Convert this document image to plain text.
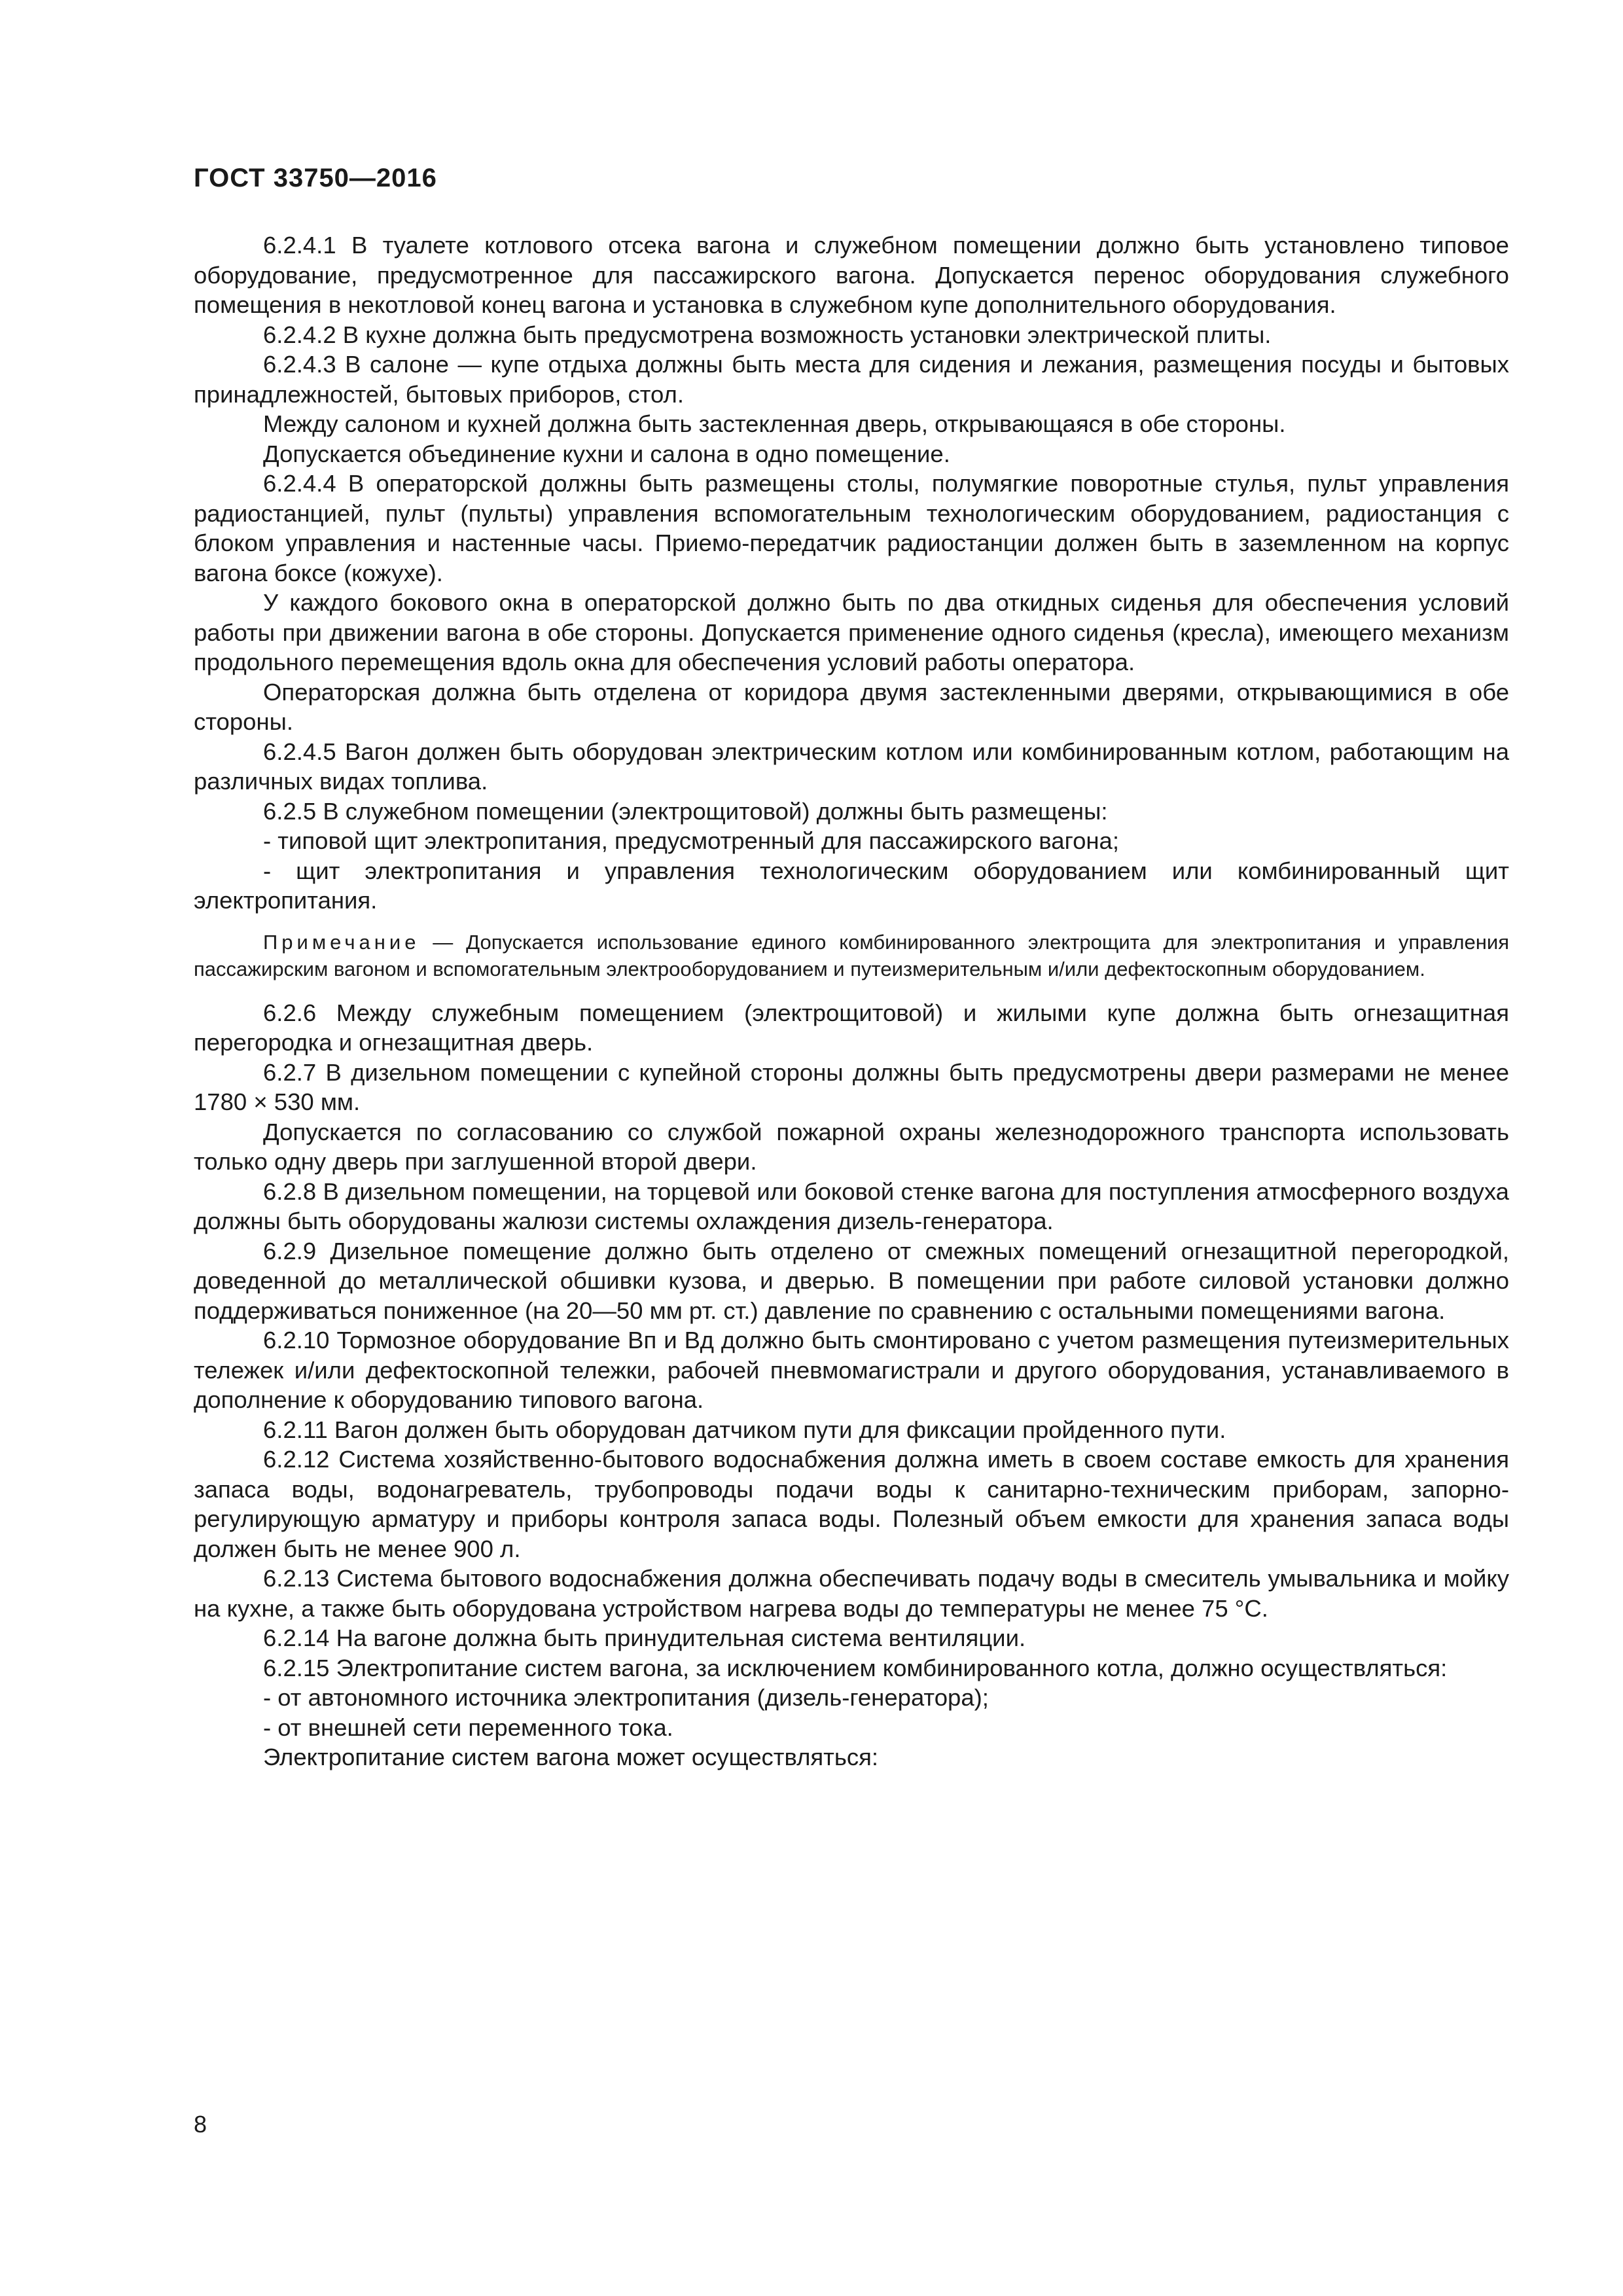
ГОСТ 33750—2016

6.2.4.1 В туалете котлового отсека вагона и служебном помещении должно быть установлено типовое оборудование, предусмотренное для пассажирского вагона. Допускается перенос оборудования служебного помещения в некотловой конец вагона и установка в служебном купе дополнительного оборудования.

6.2.4.2 В кухне должна быть предусмотрена возможность установки электрической плиты.

6.2.4.3 В салоне — купе отдыха должны быть места для сидения и лежания, размещения посуды и бытовых принадлежностей, бытовых приборов, стол.

Между салоном и кухней должна быть застекленная дверь, открывающаяся в обе стороны.

Допускается объединение кухни и салона в одно помещение.

6.2.4.4 В операторской должны быть размещены столы, полумягкие поворотные стулья, пульт управления радиостанцией, пульт (пульты) управления вспомогательным технологическим оборудованием, радиостанция с блоком управления и настенные часы. Приемо-передатчик радиостанции должен быть в заземленном на корпус вагона боксе (кожухе).

У каждого бокового окна в операторской должно быть по два откидных сиденья для обеспечения условий работы при движении вагона в обе стороны. Допускается применение одного сиденья (кресла), имеющего механизм продольного перемещения вдоль окна для обеспечения условий работы оператора.

Операторская должна быть отделена от коридора двумя застекленными дверями, открывающимися в обе стороны.

6.2.4.5 Вагон должен быть оборудован электрическим котлом или комбинированным котлом, работающим на различных видах топлива.

6.2.5 В служебном помещении (электрощитовой) должны быть размещены:

- типовой щит электропитания, предусмотренный для пассажирского вагона;

- щит электропитания и управления технологическим оборудованием или комбинированный щит электропитания.

Примечание — Допускается использование единого комбинированного электрощита для электропитания и управления пассажирским вагоном и вспомогательным электрооборудованием и путеизмерительным и/или дефектоскопным оборудованием.

6.2.6 Между служебным помещением (электрощитовой) и жилыми купе должна быть огнезащитная перегородка и огнезащитная дверь.

6.2.7 В дизельном помещении с купейной стороны должны быть предусмотрены двери размерами не менее 1780 × 530 мм.

Допускается по согласованию со службой пожарной охраны железнодорожного транспорта использовать только одну дверь при заглушенной второй двери.

6.2.8 В дизельном помещении, на торцевой или боковой стенке вагона для поступления атмосферного воздуха должны быть оборудованы жалюзи системы охлаждения дизель-генератора.

6.2.9 Дизельное помещение должно быть отделено от смежных помещений огнезащитной перегородкой, доведенной до металлической обшивки кузова, и дверью. В помещении при работе силовой установки должно поддерживаться пониженное (на 20—50 мм рт. ст.) давление по сравнению с остальными помещениями вагона.

6.2.10 Тормозное оборудование Вп и Вд должно быть смонтировано с учетом размещения путеизмерительных тележек и/или дефектоскопной тележки, рабочей пневмомагистрали и другого оборудования, устанавливаемого в дополнение к оборудованию типового вагона.

6.2.11 Вагон должен быть оборудован датчиком пути для фиксации пройденного пути.

6.2.12 Система хозяйственно-бытового водоснабжения должна иметь в своем составе емкость для хранения запаса воды, водонагреватель, трубопроводы подачи воды к санитарно-техническим приборам, запорно-регулирующую арматуру и приборы контроля запаса воды. Полезный объем емкости для хранения запаса воды должен быть не менее 900 л.

6.2.13 Система бытового водоснабжения должна обеспечивать подачу воды в смеситель умывальника и мойку на кухне, а также быть оборудована устройством нагрева воды до температуры не менее 75 °С.

6.2.14 На вагоне должна быть принудительная система вентиляции.

6.2.15 Электропитание систем вагона, за исключением комбинированного котла, должно осуществляться:

- от автономного источника электропитания (дизель-генератора);

- от внешней сети переменного тока.

Электропитание систем вагона может осуществляться:

8
